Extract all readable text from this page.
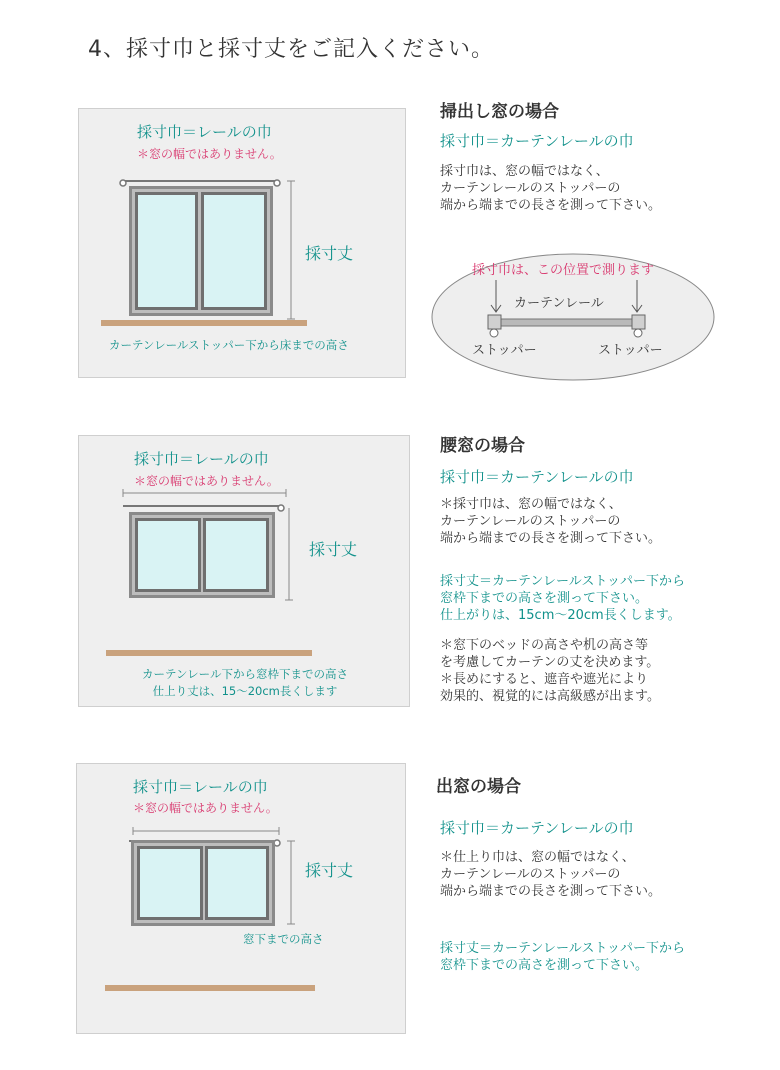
4、採寸巾と採寸丈をご記入ください。
採寸巾＝レールの巾
＊窓の幅ではありません。
採寸丈
カーテンレールストッパー下から床までの高さ
掃出し窓の場合
採寸巾＝カーテンレールの巾
採寸巾は、窓の幅ではなく、
カーテンレールのストッパーの
端から端までの長さを測って下さい。
採寸巾は、この位置で測ります
カーテンレール
ストッパー	ストッパー
採寸巾＝レールの巾
＊窓の幅ではありません。
採寸丈
カーテンレール下から窓枠下までの高さ
仕上り丈は、15〜20cm長くします
腰窓の場合
採寸巾＝カーテンレールの巾
＊採寸巾は、窓の幅ではなく、
カーテンレールのストッパーの
端から端までの長さを測って下さい。
採寸丈＝カーテンレールストッパー下から
窓枠下までの高さを測って下さい。
仕上がりは、15cm〜20cm長くします。
＊窓下のベッドの高さや机の高さ等
を考慮してカーテンの丈を決めます。
＊長めにすると、遮音や遮光により
効果的、視覚的には高級感が出ます。
採寸巾＝レールの巾
＊窓の幅ではありません。
採寸丈
窓下までの高さ
出窓の場合
採寸巾＝カーテンレールの巾
＊仕上り巾は、窓の幅ではなく、
カーテンレールのストッパーの
端から端までの長さを測って下さい。
採寸丈＝カーテンレールストッパー下から
窓枠下までの高さを測って下さい。
